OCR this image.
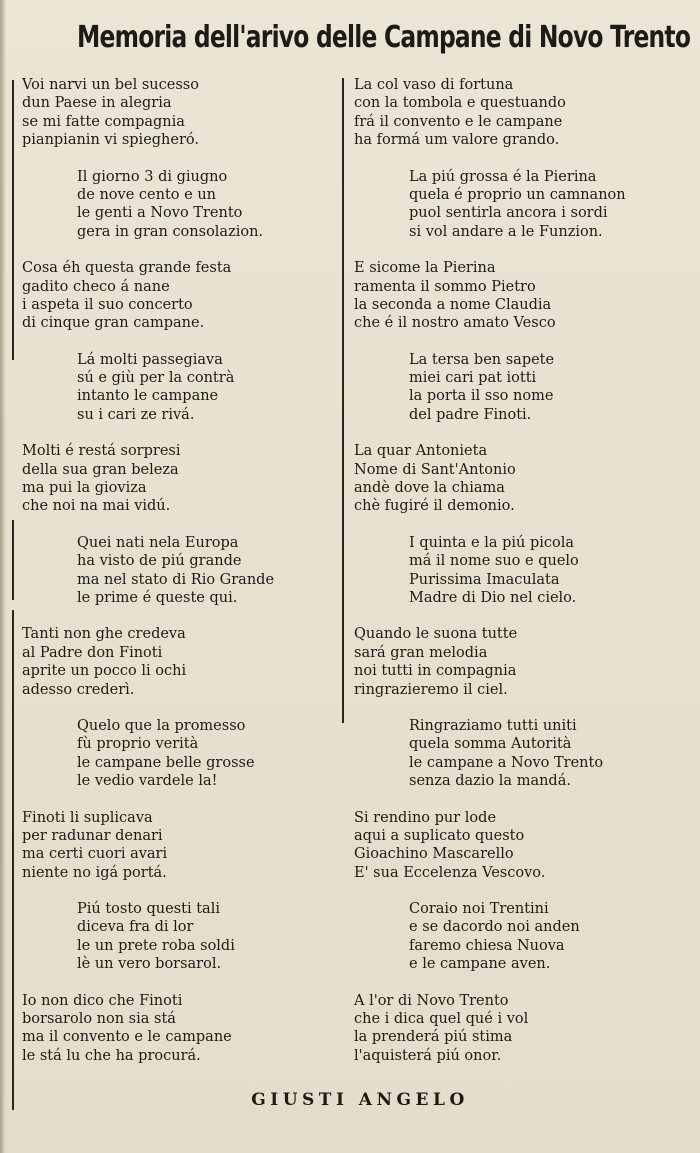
Memoria dell'arivo delle Campane di Novo Trento
Voi narvi un bel sucesso
dun Paese in alegria
se mi fatte compagnia
pianpianin vi spiegheró.
Il giorno 3 di giugno
de nove cento e un
le genti a Novo Trento
gera in gran consolazion.
Cosa éh questa grande festa
gadito checo á nane
i aspeta il suo concerto
di cinque gran campane.
Lá molti passegiava
sú e giù per la contrà
intanto le campane
su i cari ze rivá.
Molti é restá sorpresi
della sua gran beleza
ma pui la gioviza
che noi na mai vidú.
Quei nati nela Europa
ha visto de piú grande
ma nel stato di Rio Grande
le prime é queste qui.
Tanti non ghe credeva
al Padre don Finoti
aprite un pocco li ochi
adesso crederì.
Quelo que la promesso
fù proprio verità
le campane belle grosse
le vedio vardele la!
Finoti li suplicava
per radunar denari
ma certi cuori avari
niente no igá portá.
Piú tosto questi tali
diceva fra di lor
le un prete roba soldi
lè un vero borsarol.
Io non dico che Finoti
borsarolo non sia stá
ma il convento e le campane
le stá lu che ha procurá.
La col vaso di fortuna
con la tombola e questuando
frá il convento e le campane
ha formá um valore grando.
La piú grossa é la Pierina
quela é proprio un camnanon
puol sentirla ancora i sordi
si vol andare a le Funzion.
E sicome la Pierina
ramenta il sommo Pietro
la seconda a nome Claudia
che é il nostro amato Vesco
La tersa ben sapete
miei cari pat iotti
la porta il sso nome
del padre Finoti.
La quar Antonieta
Nome di Sant'Antonio
andè dove la chiama
chè fugiré il demonio.
I quinta e la piú picola
má il nome suo e quelo
Purissima Imaculata
Madre di Dio nel cielo.
Quando le suona tutte
sará gran melodia
noi tutti in compagnia
ringrazieremo il ciel.
Ringraziamo tutti uniti
quela somma Autorità
le campane a Novo Trento
senza dazio la mandá.
Si rendino pur lode
aqui a suplicato questo
Gioachino Mascarello
E' sua Eccelenza Vescovo.
Coraio noi Trentini
e se dacordo noi anden
faremo chiesa Nuova
e le campane aven.
A l'or di Novo Trento
che i dica quel qué i vol
la prenderá piú stima
l'aquisterá piú onor.
GIUSTI ANGELO
